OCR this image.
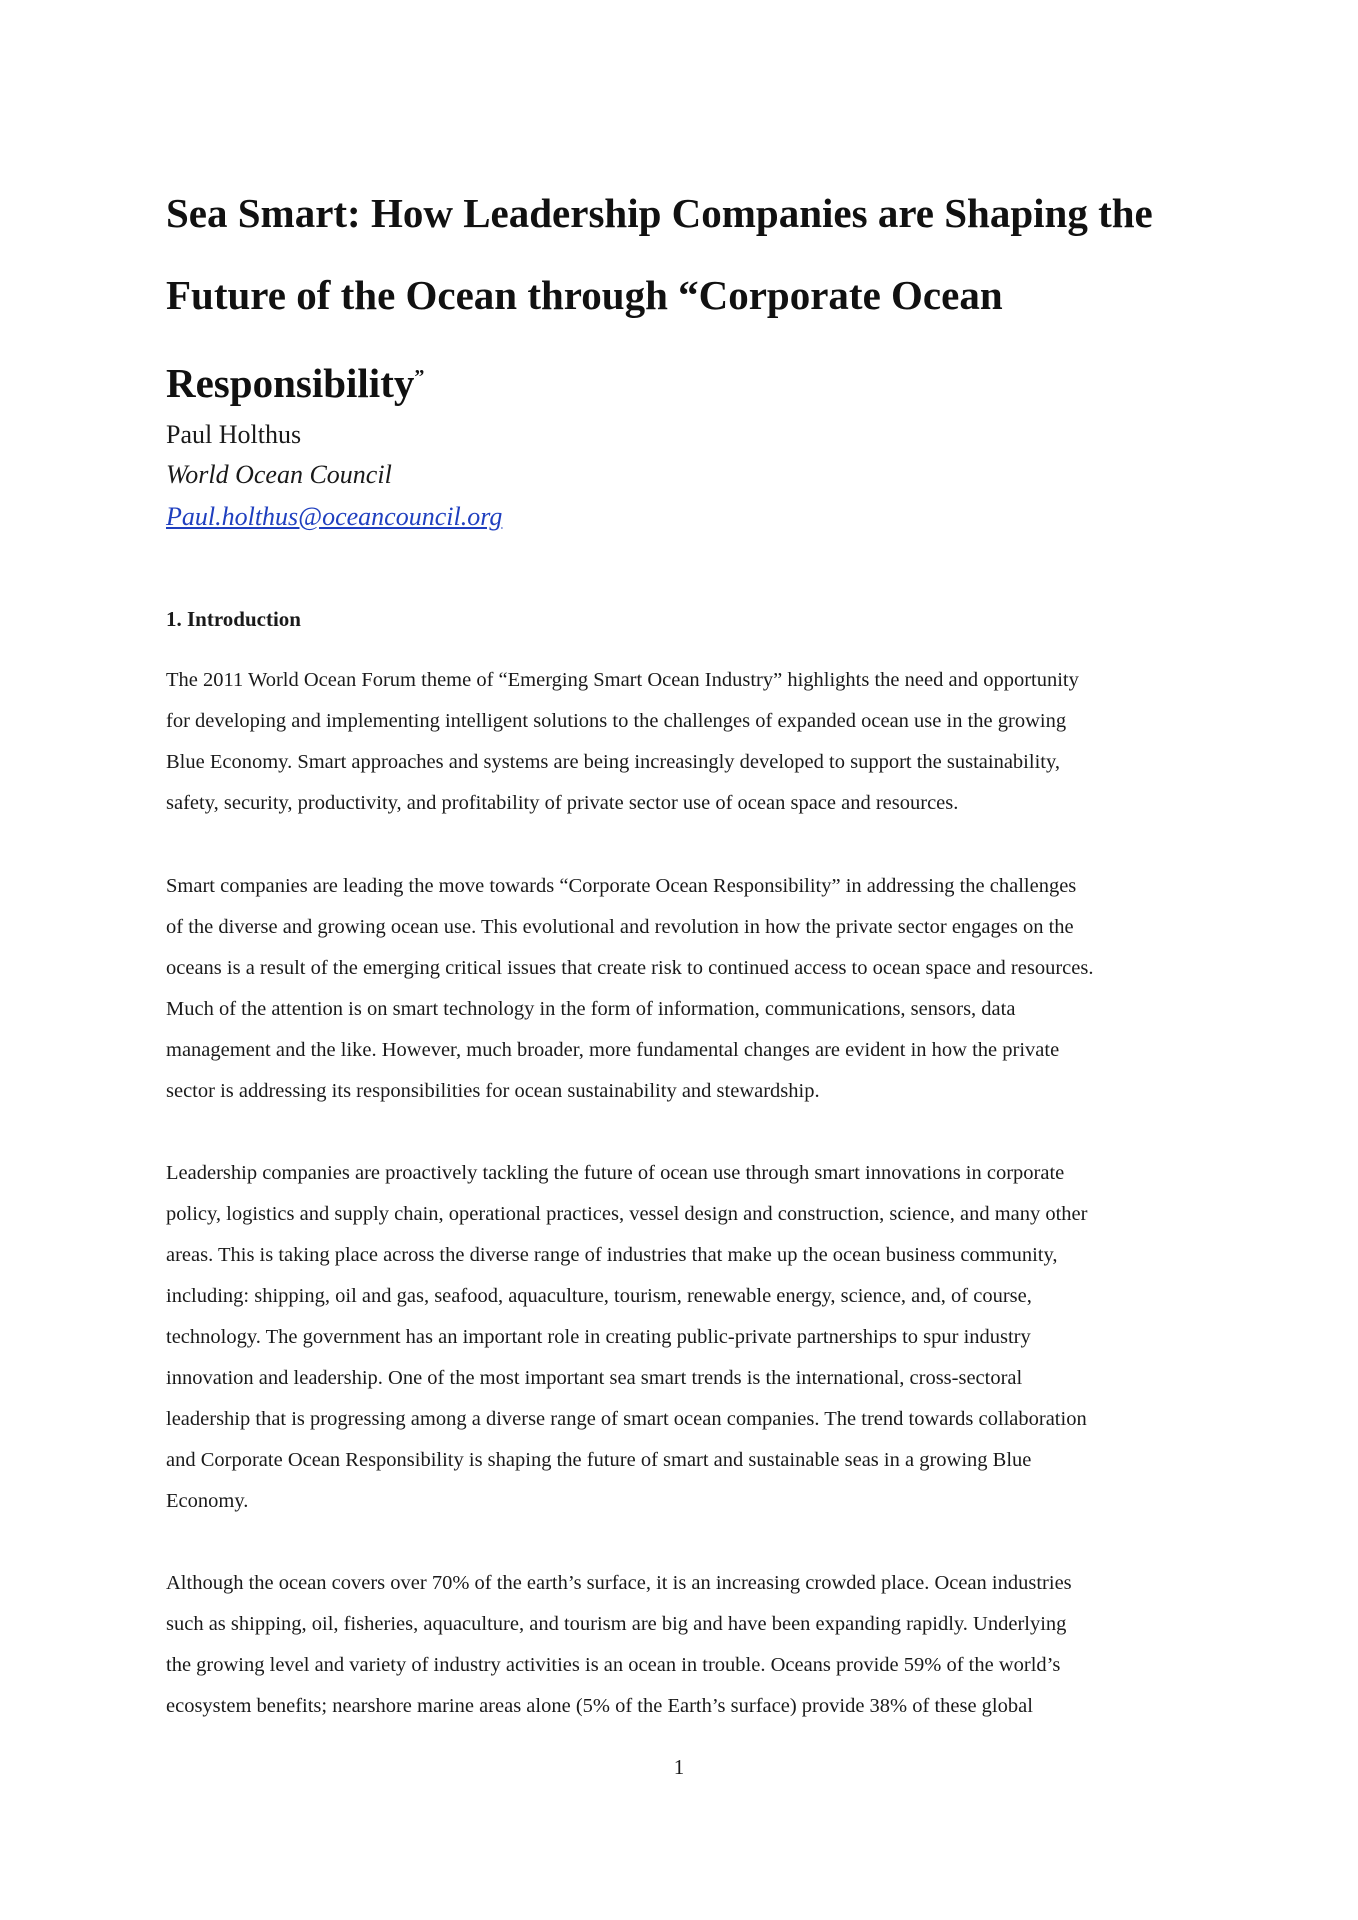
Sea Smart: How Leadership Companies are Shaping the Future of the Ocean through “Corporate Ocean Responsibility”

Paul Holthus

World Ocean Council

Paul.holthus@oceancouncil.org
1. Introduction

The 2011 World Ocean Forum theme of “Emerging Smart Ocean Industry” highlights the need and opportunity
for developing and implementing intelligent solutions to the challenges of expanded ocean use in the growing
Blue Economy. Smart approaches and systems are being increasingly developed to support the sustainability,
safety, security, productivity, and profitability of private sector use of ocean space and resources.

Smart companies are leading the move towards “Corporate Ocean Responsibility” in addressing the challenges
of the diverse and growing ocean use. This evolutional and revolution in how the private sector engages on the
oceans is a result of the emerging critical issues that create risk to continued access to ocean space and resources.
Much of the attention is on smart technology in the form of information, communications, sensors, data
management and the like. However, much broader, more fundamental changes are evident in how the private
sector is addressing its responsibilities for ocean sustainability and stewardship.

Leadership companies are proactively tackling the future of ocean use through smart innovations in corporate
policy, logistics and supply chain, operational practices, vessel design and construction, science, and many other
areas. This is taking place across the diverse range of industries that make up the ocean business community,
including: shipping, oil and gas, seafood, aquaculture, tourism, renewable energy, science, and, of course,
technology. The government has an important role in creating public-private partnerships to spur industry
innovation and leadership. One of the most important sea smart trends is the international, cross-sectoral
leadership that is progressing among a diverse range of smart ocean companies. The trend towards collaboration
and Corporate Ocean Responsibility is shaping the future of smart and sustainable seas in a growing Blue
Economy.

Although the ocean covers over 70% of the earth’s surface, it is an increasing crowded place. Ocean industries
such as shipping, oil, fisheries, aquaculture, and tourism are big and have been expanding rapidly. Underlying
the growing level and variety of industry activities is an ocean in trouble. Oceans provide 59% of the world’s
ecosystem benefits; nearshore marine areas alone (5% of the Earth’s surface) provide 38% of these global

1
